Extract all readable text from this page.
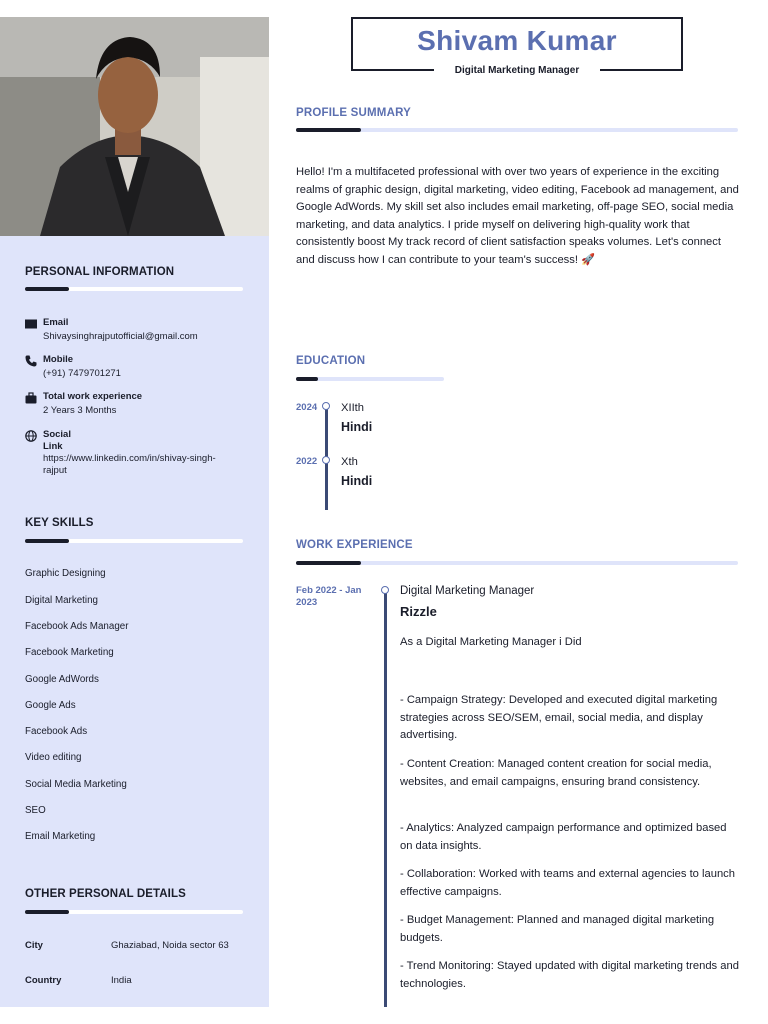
PERSONAL INFORMATION
Email
Shivaysinghrajputofficial@gmail.com
Mobile
(+91) 7479701271
Total work experience
2 Years 3 Months
Social
Link
https://www.linkedin.com/in/shivay-singh-rajput
KEY SKILLS
Graphic Designing
Digital Marketing
Facebook Ads Manager
Facebook Marketing
Google AdWords
Google Ads
Facebook Ads
Video editing
Social Media Marketing
SEO
Email Marketing
OTHER PERSONAL DETAILS
City	Ghaziabad, Noida sector 63
Country	India
Shivam Kumar
Digital Marketing Manager
PROFILE SUMMARY
Hello! I'm a multifaceted professional with over two years of experience in the exciting realms of graphic design, digital marketing, video editing, Facebook ad management, and Google AdWords. My skill set also includes email marketing, off-page SEO, social media marketing, and data analytics. I pride myself on delivering high-quality work that consistently boost My track record of client satisfaction speaks volumes. Let's connect and discuss how I can contribute to your team's success! 🚀
EDUCATION
2024 XIIth
Hindi
2022 Xth
Hindi
WORK EXPERIENCE
Feb 2022 - Jan 2023
Digital Marketing Manager
Rizzle
As a Digital Marketing Manager i Did
- Campaign Strategy: Developed and executed digital marketing strategies across SEO/SEM, email, social media, and display advertising.
- Content Creation: Managed content creation for social media, websites, and email campaigns, ensuring brand consistency.
- Analytics: Analyzed campaign performance and optimized based on data insights.
- Collaboration: Worked with teams and external agencies to launch effective campaigns.
- Budget Management: Planned and managed digital marketing budgets.
- Trend Monitoring: Stayed updated with digital marketing trends and technologies.
